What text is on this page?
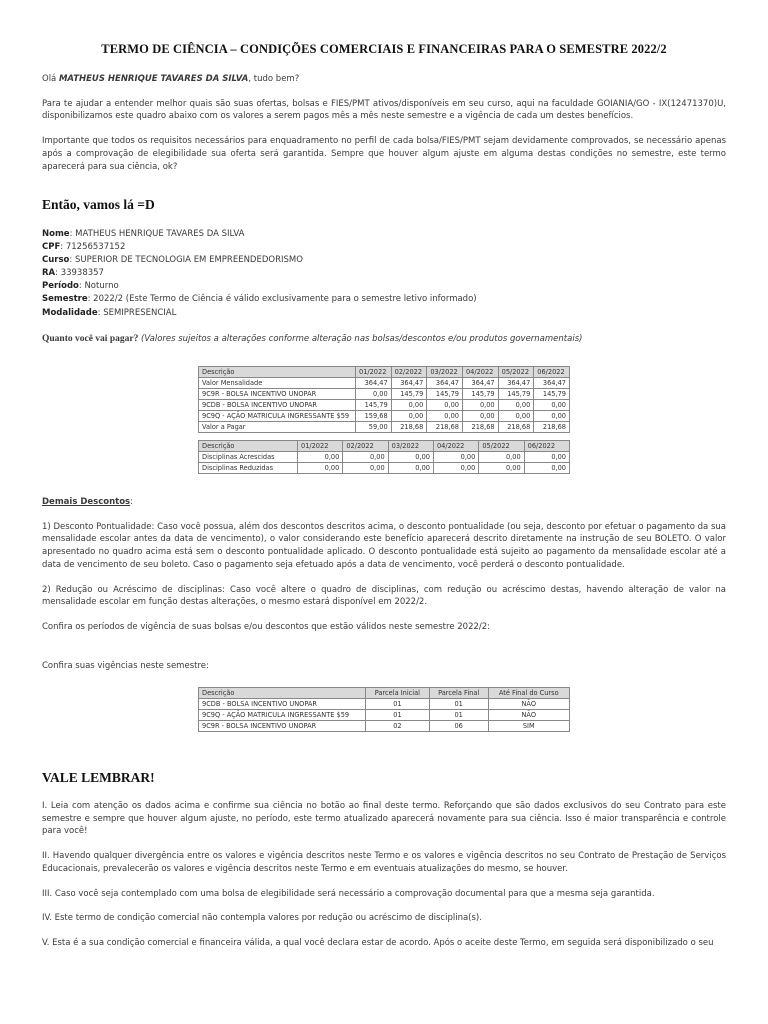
TERMO DE CIÊNCIA – CONDIÇÕES COMERCIAIS E FINANCEIRAS PARA O SEMESTRE 2022/2

Olá MATHEUS HENRIQUE TAVARES DA SILVA, tudo bem?

Para te ajudar a entender melhor quais são suas ofertas, bolsas e FIES/PMT ativos/disponíveis em seu curso, aqui na faculdade GOIANIA/GO - IX(12471370)U, disponibilizamos este quadro abaixo com os valores a serem pagos mês a mês neste semestre e a vigência de cada um destes benefícios.

Importante que todos os requisitos necessários para enquadramento no perfil de cada bolsa/FIES/PMT sejam devidamente comprovados, se necessário apenas após a comprovação de elegibilidade sua oferta será garantida. Sempre que houver algum ajuste em alguma destas condições no semestre, este termo aparecerá para sua ciência, ok?

Então, vamos lá =D
Nome: MATHEUS HENRIQUE TAVARES DA SILVA
CPF: 71256537152
Curso: SUPERIOR DE TECNOLOGIA EM EMPREENDEDORISMO
RA: 33938357
Período: Noturno
Semestre: 2022/2 (Este Termo de Ciência é válido exclusivamente para o semestre letivo informado)
Modalidade: SEMIPRESENCIAL

Quanto você vai pagar? (Valores sujeitos a alterações conforme alteração nas bolsas/descontos e/ou produtos governamentais)

Descrição	01/2022	02/2022	03/2022	04/2022	05/2022	06/2022
Valor Mensalidade	364,47	364,47	364,47	364,47	364,47	364,47
9C9R - BOLSA INCENTIVO UNOPAR	0,00	145,79	145,79	145,79	145,79	145,79
9CDB - BOLSA INCENTIVO UNOPAR	145,79	0,00	0,00	0,00	0,00	0,00
9C9Q - AÇÃO MATRICULA INGRESSANTE $59	159,68	0,00	0,00	0,00	0,00	0,00
Valor a Pagar	59,00	218,68	218,68	218,68	218,68	218,68
Descrição	01/2022	02/2022	03/2022	04/2022	05/2022	06/2022
Disciplinas Acrescidas	0,00	0,00	0,00	0,00	0,00	0,00
Disciplinas Reduzidas	0,00	0,00	0,00	0,00	0,00	0,00

Demais Descontos:

1) Desconto Pontualidade: Caso você possua, além dos descontos descritos acima, o desconto pontualidade (ou seja, desconto por efetuar o pagamento da sua mensalidade escolar antes da data de vencimento), o valor considerando este benefício aparecerá descrito diretamente na instrução de seu BOLETO. O valor apresentado no quadro acima está sem o desconto pontualidade aplicado. O desconto pontualidade está sujeito ao pagamento da mensalidade escolar até a data de vencimento de seu boleto. Caso o pagamento seja efetuado após a data de vencimento, você perderá o desconto pontualidade.

2) Redução ou Acréscimo de disciplinas: Caso você altere o quadro de disciplinas, com redução ou acréscimo destas, havendo alteração de valor na mensalidade escolar em função destas alterações, o mesmo estará disponível em 2022/2.

Confira os períodos de vigência de suas bolsas e/ou descontos que estão válidos neste semestre 2022/2:

Confira suas vigências neste semestre:

Descrição	Parcela Inicial	Parcela Final	Até Final do Curso
9CDB - BOLSA INCENTIVO UNOPAR	01	01	NÃO
9C9Q - AÇÃO MATRICULA INGRESSANTE $59	01	01	NÃO
9C9R - BOLSA INCENTIVO UNOPAR	02	06	SIM
VALE LEMBRAR!

I. Leia com atenção os dados acima e confirme sua ciência no botão ao final deste termo. Reforçando que são dados exclusivos do seu Contrato para este semestre e sempre que houver algum ajuste, no período, este termo atualizado aparecerá novamente para sua ciência. Isso é maior transparência e controle para você!

II. Havendo qualquer divergência entre os valores e vigência descritos neste Termo e os valores e vigência descritos no seu Contrato de Prestação de Serviços Educacionais, prevalecerão os valores e vigência descritos neste Termo e em eventuais atualizações do mesmo, se houver.

III. Caso você seja contemplado com uma bolsa de elegibilidade será necessário a comprovação documental para que a mesma seja garantida.

IV. Este termo de condição comercial não contempla valores por redução ou acréscimo de disciplina(s).

V. Esta é a sua condição comercial e financeira válida, a qual você declara estar de acordo. Após o aceite deste Termo, em seguida será disponibilizado o seu
